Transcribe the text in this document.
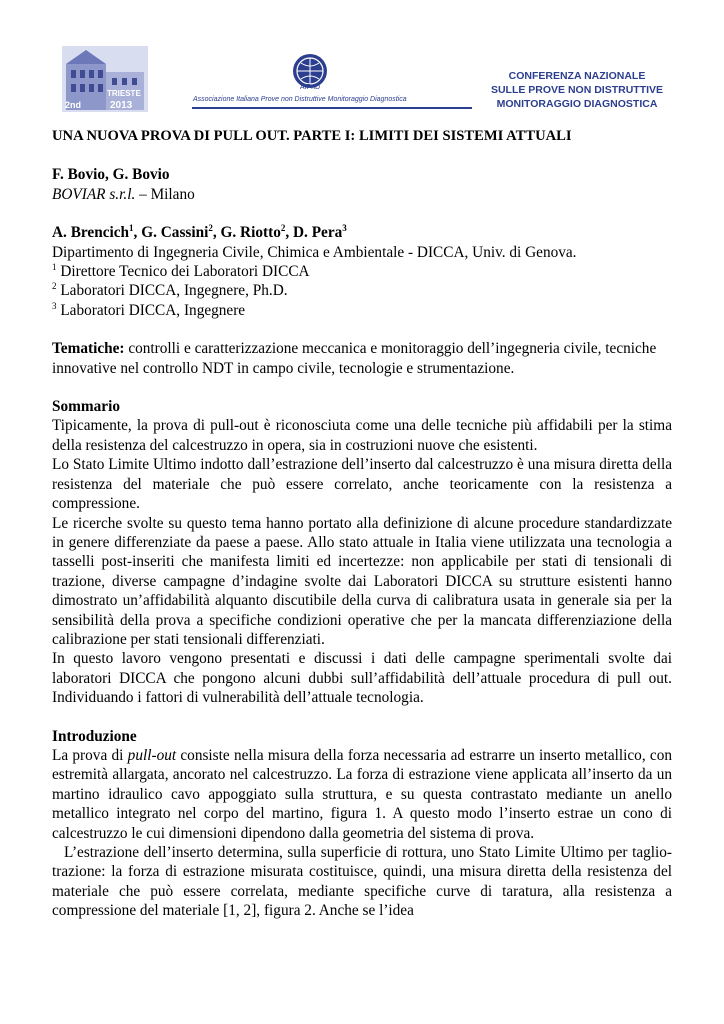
2nd
TRIESTE
2013
AIPnD
Associazione Italiana Prove non Distruttive Monitoraggio Diagnostica
CONFERENZA NAZIONALE
SULLE PROVE NON DISTRUTTIVE
MONITORAGGIO DIAGNOSTICA

UNA NUOVA PROVA DI PULL OUT. PARTE I: LIMITI DEI SISTEMI ATTUALI

F. Bovio, G. Bovio

BOVIAR s.r.l. – Milano

A. Brencich$^1$, G. Cassini$^2$, G. Riotto$^2$, D. Pera$^3$

Dipartimento di Ingegneria Civile, Chimica e Ambientale - DICCA, Univ. di Genova.

$^1$ Direttore Tecnico dei Laboratori DICCA

$^2$ Laboratori DICCA, Ingegnere, Ph.D.

$^3$ Laboratori DICCA, Ingegnere

Tematiche: controlli e caratterizzazione meccanica e monitoraggio dell’ingegneria civile, tecniche innovative nel controllo NDT in campo civile, tecnologie e strumentazione.

Sommario

Tipicamente, la prova di pull-out è riconosciuta come una delle tecniche più affidabili per la stima della resistenza del calcestruzzo in opera, sia in costruzioni nuove che esistenti.

Lo Stato Limite Ultimo indotto dall’estrazione dell’inserto dal calcestruzzo è una misura diretta della resistenza del materiale che può essere correlato, anche teoricamente con la resistenza a compressione.

Le ricerche svolte su questo tema hanno portato alla definizione di alcune procedure standardizzate in genere differenziate da paese a paese. Allo stato attuale in Italia viene utilizzata una tecnologia a tasselli post-inseriti che manifesta limiti ed incertezze: non applicabile per stati di tensionali di trazione, diverse campagne d’indagine svolte dai Laboratori DICCA su strutture esistenti hanno dimostrato un’affidabilità alquanto discutibile della curva di calibratura usata in generale sia per la sensibilità della prova a specifiche condizioni operative che per la mancata differenziazione della calibrazione per stati tensionali differenziati.

In questo lavoro vengono presentati e discussi i dati delle campagne sperimentali svolte dai laboratori DICCA che pongono alcuni dubbi sull’affidabilità dell’attuale procedura di pull out. Individuando i fattori di vulnerabilità dell’attuale tecnologia.

Introduzione

La prova di pull-out consiste nella misura della forza necessaria ad estrarre un inserto metallico, con estremità allargata, ancorato nel calcestruzzo. La forza di estrazione viene applicata all’inserto da un martino idraulico cavo appoggiato sulla struttura, e su questa contrastato mediante un anello metallico integrato nel corpo del martino, figura 1. A questo modo l’inserto estrae un cono di calcestruzzo le cui dimensioni dipendono dalla geometria del sistema di prova.

L’estrazione dell’inserto determina, sulla superficie di rottura, uno Stato Limite Ultimo per taglio-trazione: la forza di estrazione misurata costituisce, quindi, una misura diretta della resistenza del materiale che può essere correlata, mediante specifiche curve di taratura, alla resistenza a compressione del materiale [1, 2], figura 2. Anche se l’idea
